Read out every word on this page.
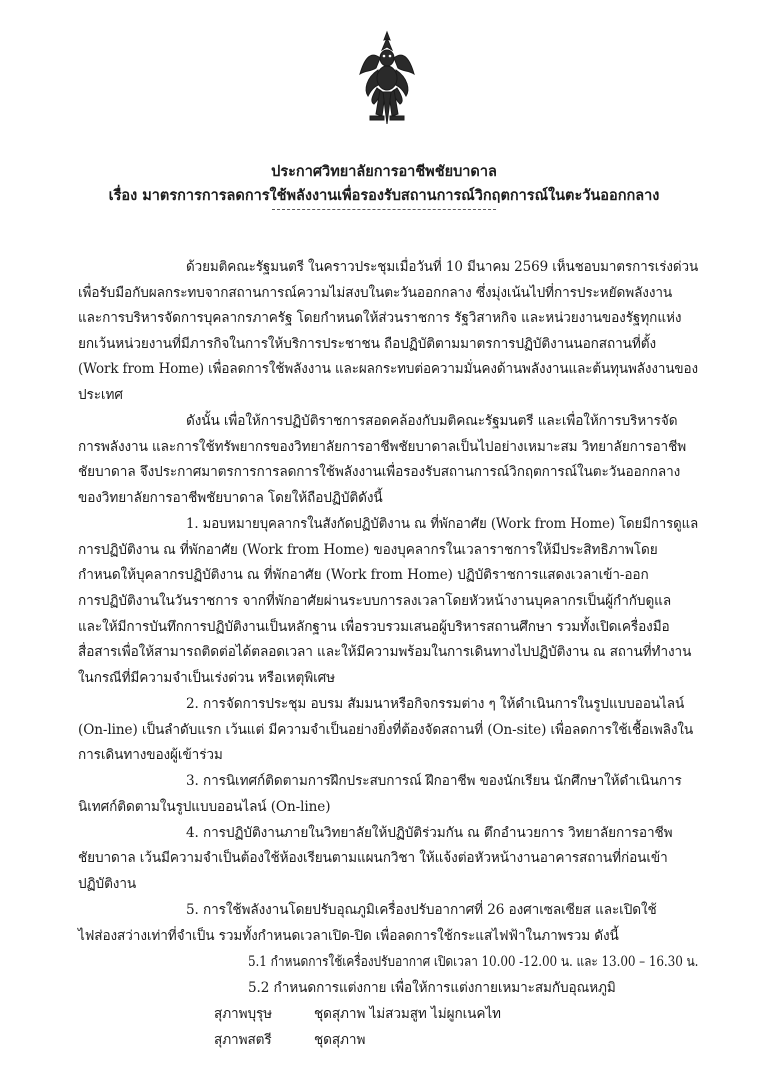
ประกาศวิทยาลัยการอาชีพชัยบาดาล
เรื่อง มาตรการการลดการใช้พลังงานเพื่อรองรับสถานการณ์วิกฤตการณ์ในตะวันออกกลาง
ด้วยมติคณะรัฐมนตรี ในคราวประชุมเมื่อวันที่ 10 มีนาคม 2569 เห็นชอบมาตรการเร่งด่วน
เพื่อรับมือกับผลกระทบจากสถานการณ์ความไม่สงบในตะวันออกกลาง ซึ่งมุ่งเน้นไปที่การประหยัดพลังงาน
และการบริหารจัดการบุคลากรภาครัฐ โดยกำหนดให้ส่วนราชการ รัฐวิสาหกิจ และหน่วยงานของรัฐทุกแห่ง
ยกเว้นหน่วยงานที่มีภารกิจในการให้บริการประชาชน ถือปฏิบัติตามมาตรการปฏิบัติงานนอกสถานที่ตั้ง
(Work from Home) เพื่อลดการใช้พลังงาน และผลกระทบต่อความมั่นคงด้านพลังงานและต้นทุนพลังงานของ
ประเทศ
ดังนั้น เพื่อให้การปฏิบัติราชการสอดคล้องกับมติคณะรัฐมนตรี และเพื่อให้การบริหารจัด
การพลังงาน และการใช้ทรัพยากรของวิทยาลัยการอาชีพชัยบาดาลเป็นไปอย่างเหมาะสม วิทยาลัยการอาชีพ
ชัยบาดาล จึงประกาศมาตรการการลดการใช้พลังงานเพื่อรองรับสถานการณ์วิกฤตการณ์ในตะวันออกกลาง
ของวิทยาลัยการอาชีพชัยบาดาล โดยให้ถือปฏิบัติดังนี้
1. มอบหมายบุคลากรในสังกัดปฏิบัติงาน ณ ที่พักอาศัย (Work from Home) โดยมีการดูแล
การปฏิบัติงาน ณ ที่พักอาศัย (Work from Home) ของบุคลากรในเวลาราชการให้มีประสิทธิภาพโดย
กำหนดให้บุคลากรปฏิบัติงาน ณ ที่พักอาศัย (Work from Home) ปฏิบัติราชการแสดงเวลาเข้า-ออก
การปฏิบัติงานในวันราชการ จากที่พักอาศัยผ่านระบบการลงเวลาโดยหัวหน้างานบุคลากรเป็นผู้กำกับดูแล
และให้มีการบันทึกการปฏิบัติงานเป็นหลักฐาน เพื่อรวบรวมเสนอผู้บริหารสถานศึกษา รวมทั้งเปิดเครื่องมือ
สื่อสารเพื่อให้สามารถติดต่อได้ตลอดเวลา และให้มีความพร้อมในการเดินทางไปปฏิบัติงาน ณ สถานที่ทำงาน
ในกรณีที่มีความจำเป็นเร่งด่วน หรือเหตุพิเศษ
2. การจัดการประชุม อบรม สัมมนาหรือกิจกรรมต่าง ๆ ให้ดำเนินการในรูปแบบออนไลน์
(On-line) เป็นลำดับแรก เว้นแต่ มีความจำเป็นอย่างยิ่งที่ต้องจัดสถานที่ (On-site) เพื่อลดการใช้เชื้อเพลิงใน
การเดินทางของผู้เข้าร่วม
3. การนิเทศก์ติดตามการฝึกประสบการณ์ ฝึกอาชีพ ของนักเรียน นักศึกษาให้ดำเนินการ
นิเทศก์ติดตามในรูปแบบออนไลน์ (On-line)
4. การปฏิบัติงานภายในวิทยาลัยให้ปฏิบัติร่วมกัน ณ ตึกอำนวยการ วิทยาลัยการอาชีพ
ชัยบาดาล เว้นมีความจำเป็นต้องใช้ห้องเรียนตามแผนกวิชา ให้แจ้งต่อหัวหน้างานอาคารสถานที่ก่อนเข้า
ปฏิบัติงาน
5. การใช้พลังงานโดยปรับอุณภูมิเครื่องปรับอากาศที่ 26 องศาเซลเซียส และเปิดใช้
ไฟส่องสว่างเท่าที่จำเป็น รวมทั้งกำหนดเวลาเปิด-ปิด เพื่อลดการใช้กระแสไฟฟ้าในภาพรวม ดังนี้
5.1 กำหนดการใช้เครื่องปรับอากาศ เปิดเวลา 10.00 -12.00 น. และ 13.00 – 16.30 น.
5.2 กำหนดการแต่งกาย เพื่อให้การแต่งกายเหมาะสมกับอุณหภูมิ
สุภาพบุรุษ	ชุดสุภาพ ไม่สวมสูท ไม่ผูกเนคไท
สุภาพสตรี	ชุดสุภาพ
